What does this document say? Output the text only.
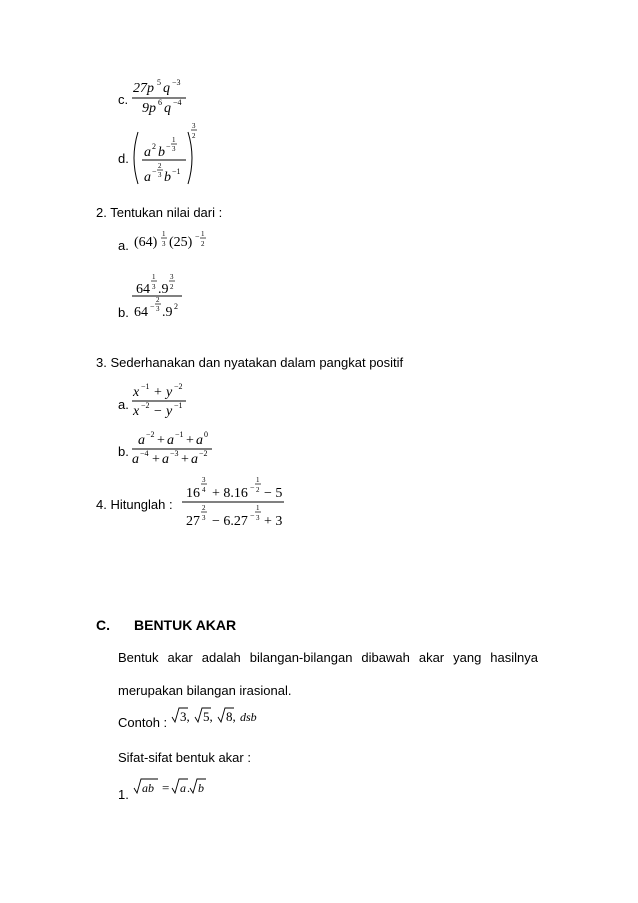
c.
27p 5 q −3
9p 6 q −4
d. a 2 b −
1
3
a −
2
3 b −1
3
2
2. Tentukan nilai dari :
a. (64)
1
3 (25) − 1
2
b.
64
1
3 .9
3
2
64 −
2
3 .9 2
3. Sederhanakan dan nyatakan dalam pangkat positif
a.
x −1 + y −2
x −2 − y −1
b.
a −2 + a −1 + a 0
a −4 + a −3 + a −2
4. Hitunglah :
16
3
4 + 8.16 −
1
2 − 5
27
2
3 − 6.27 −
1
3 + 3
C. BENTUK AKAR
Bentuk akar adalah bilangan-bilangan dibawah akar yang hasilnya
merupakan bilangan irasional.
Contoh : 3, 5, 8, dsb
Sifat-sifat bentuk akar :
1. ab = a . b
